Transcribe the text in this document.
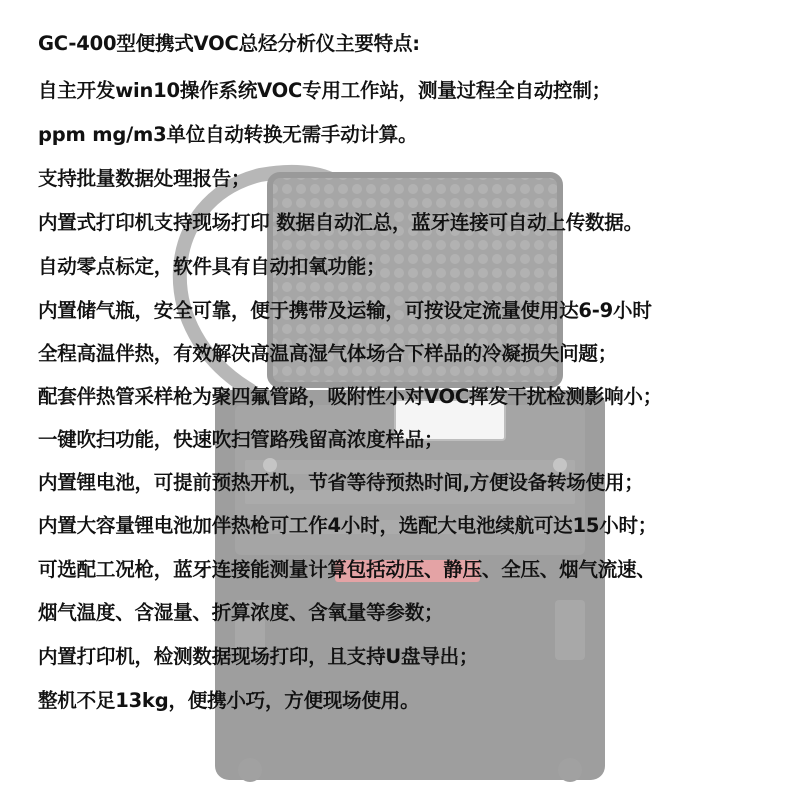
GC-400型便携式VOC总烃分析仪主要特点:

自主开发win10操作系统VOC专用工作站，测量过程全自动控制；

ppm mg/m3单位自动转换无需手动计算。

支持批量数据处理报告；

内置式打印机支持现场打印 数据自动汇总，蓝牙连接可自动上传数据。

自动零点标定，软件具有自动扣氧功能；

内置储气瓶，安全可靠，便于携带及运输，可按设定流量使用达6-9小时

全程高温伴热，有效解决高温高湿气体场合下样品的冷凝损失问题；

配套伴热管采样枪为聚四氟管路，吸附性小对VOC挥发干扰检测影响小；

一键吹扫功能，快速吹扫管路残留高浓度样品；

内置锂电池，可提前预热开机，节省等待预热时间,方便设备转场使用；

内置大容量锂电池加伴热枪可工作4小时，选配大电池续航可达15小时；

可选配工况枪，蓝牙连接能测量计算包括动压、静压、全压、烟气流速、

烟气温度、含湿量、折算浓度、含氧量等参数；

内置打印机，检测数据现场打印，且支持U盘导出；

整机不足13kg，便携小巧，方便现场使用。
